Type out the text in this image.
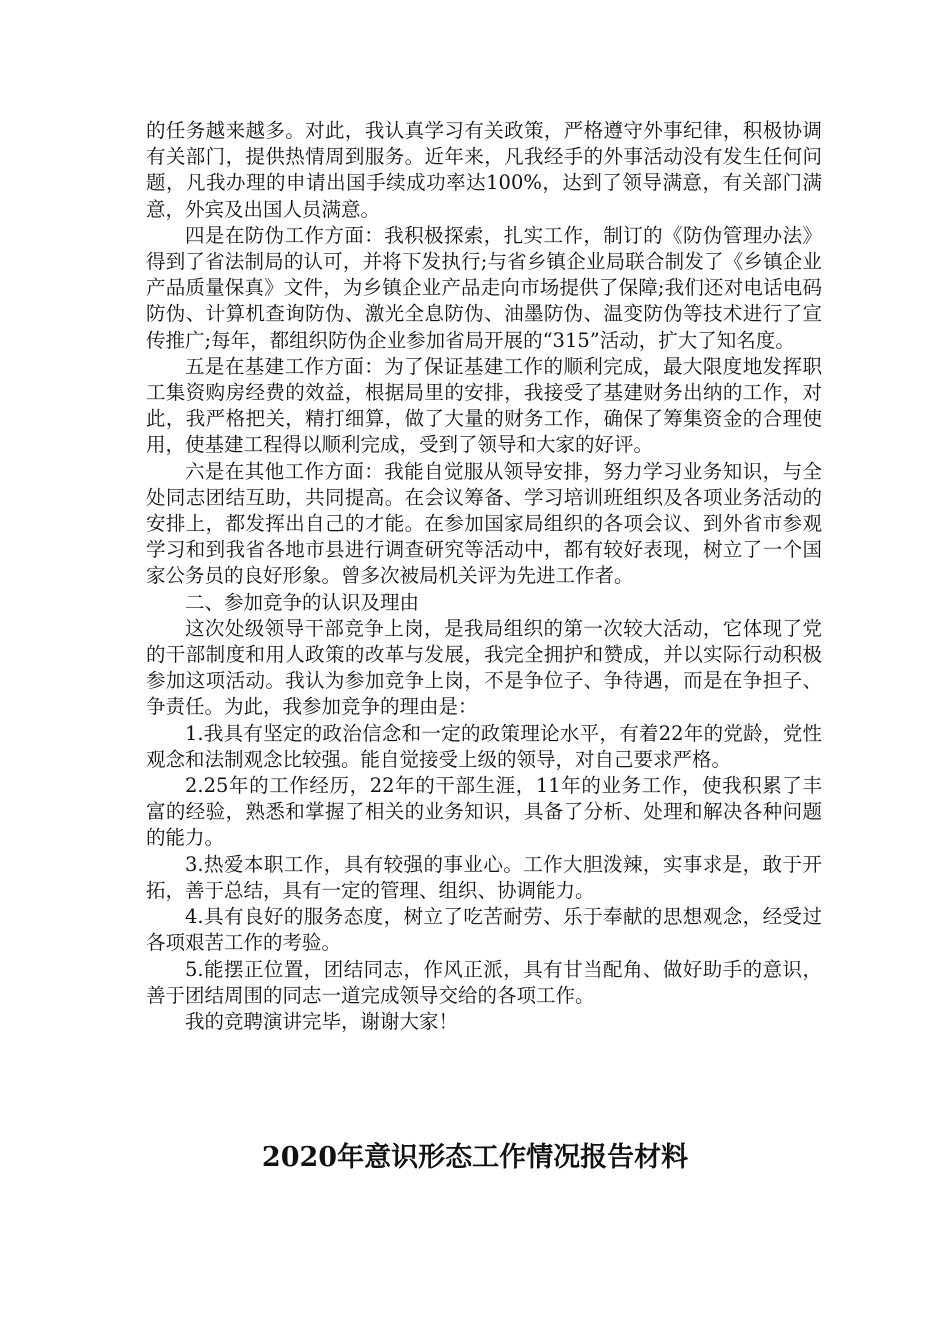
的任务越来越多。对此，我认真学习有关政策，严格遵守外事纪律，积极协调有关部门，提供热情周到服务。近年来，凡我经手的外事活动没有发生任何问题，凡我办理的申请出国手续成功率达100%，达到了领导满意，有关部门满意，外宾及出国人员满意。

四是在防伪工作方面：我积极探索，扎实工作，制订的《防伪管理办法》得到了省法制局的认可，并将下发执行;与省乡镇企业局联合制发了《乡镇企业产品质量保真》文件，为乡镇企业产品走向市场提供了保障;我们还对电话电码防伪、计算机查询防伪、激光全息防伪、油墨防伪、温变防伪等技术进行了宣传推广;每年，都组织防伪企业参加省局开展的“315”活动，扩大了知名度。

五是在基建工作方面：为了保证基建工作的顺利完成，最大限度地发挥职工集资购房经费的效益，根据局里的安排，我接受了基建财务出纳的工作，对此，我严格把关，精打细算，做了大量的财务工作，确保了筹集资金的合理使用，使基建工程得以顺利完成，受到了领导和大家的好评。

六是在其他工作方面：我能自觉服从领导安排，努力学习业务知识，与全处同志团结互助，共同提高。在会议筹备、学习培训班组织及各项业务活动的安排上，都发挥出自己的才能。在参加国家局组织的各项会议、到外省市参观学习和到我省各地市县进行调查研究等活动中，都有较好表现，树立了一个国家公务员的良好形象。曾多次被局机关评为先进工作者。

二、参加竞争的认识及理由

这次处级领导干部竞争上岗，是我局组织的第一次较大活动，它体现了党的干部制度和用人政策的改革与发展，我完全拥护和赞成，并以实际行动积极参加这项活动。我认为参加竞争上岗，不是争位子、争待遇，而是在争担子、争责任。为此，我参加竞争的理由是：

1.我具有坚定的政治信念和一定的政策理论水平，有着22年的党龄，党性观念和法制观念比较强。能自觉接受上级的领导，对自己要求严格。

2.25年的工作经历，22年的干部生涯，11年的业务工作，使我积累了丰富的经验，熟悉和掌握了相关的业务知识，具备了分析、处理和解决各种问题的能力。

3.热爱本职工作，具有较强的事业心。工作大胆泼辣，实事求是，敢于开拓，善于总结，具有一定的管理、组织、协调能力。

4.具有良好的服务态度，树立了吃苦耐劳、乐于奉献的思想观念，经受过各项艰苦工作的考验。

5.能摆正位置，团结同志，作风正派，具有甘当配角、做好助手的意识，善于团结周围的同志一道完成领导交给的各项工作。

我的竞聘演讲完毕，谢谢大家！

2020年意识形态工作情况报告材料
